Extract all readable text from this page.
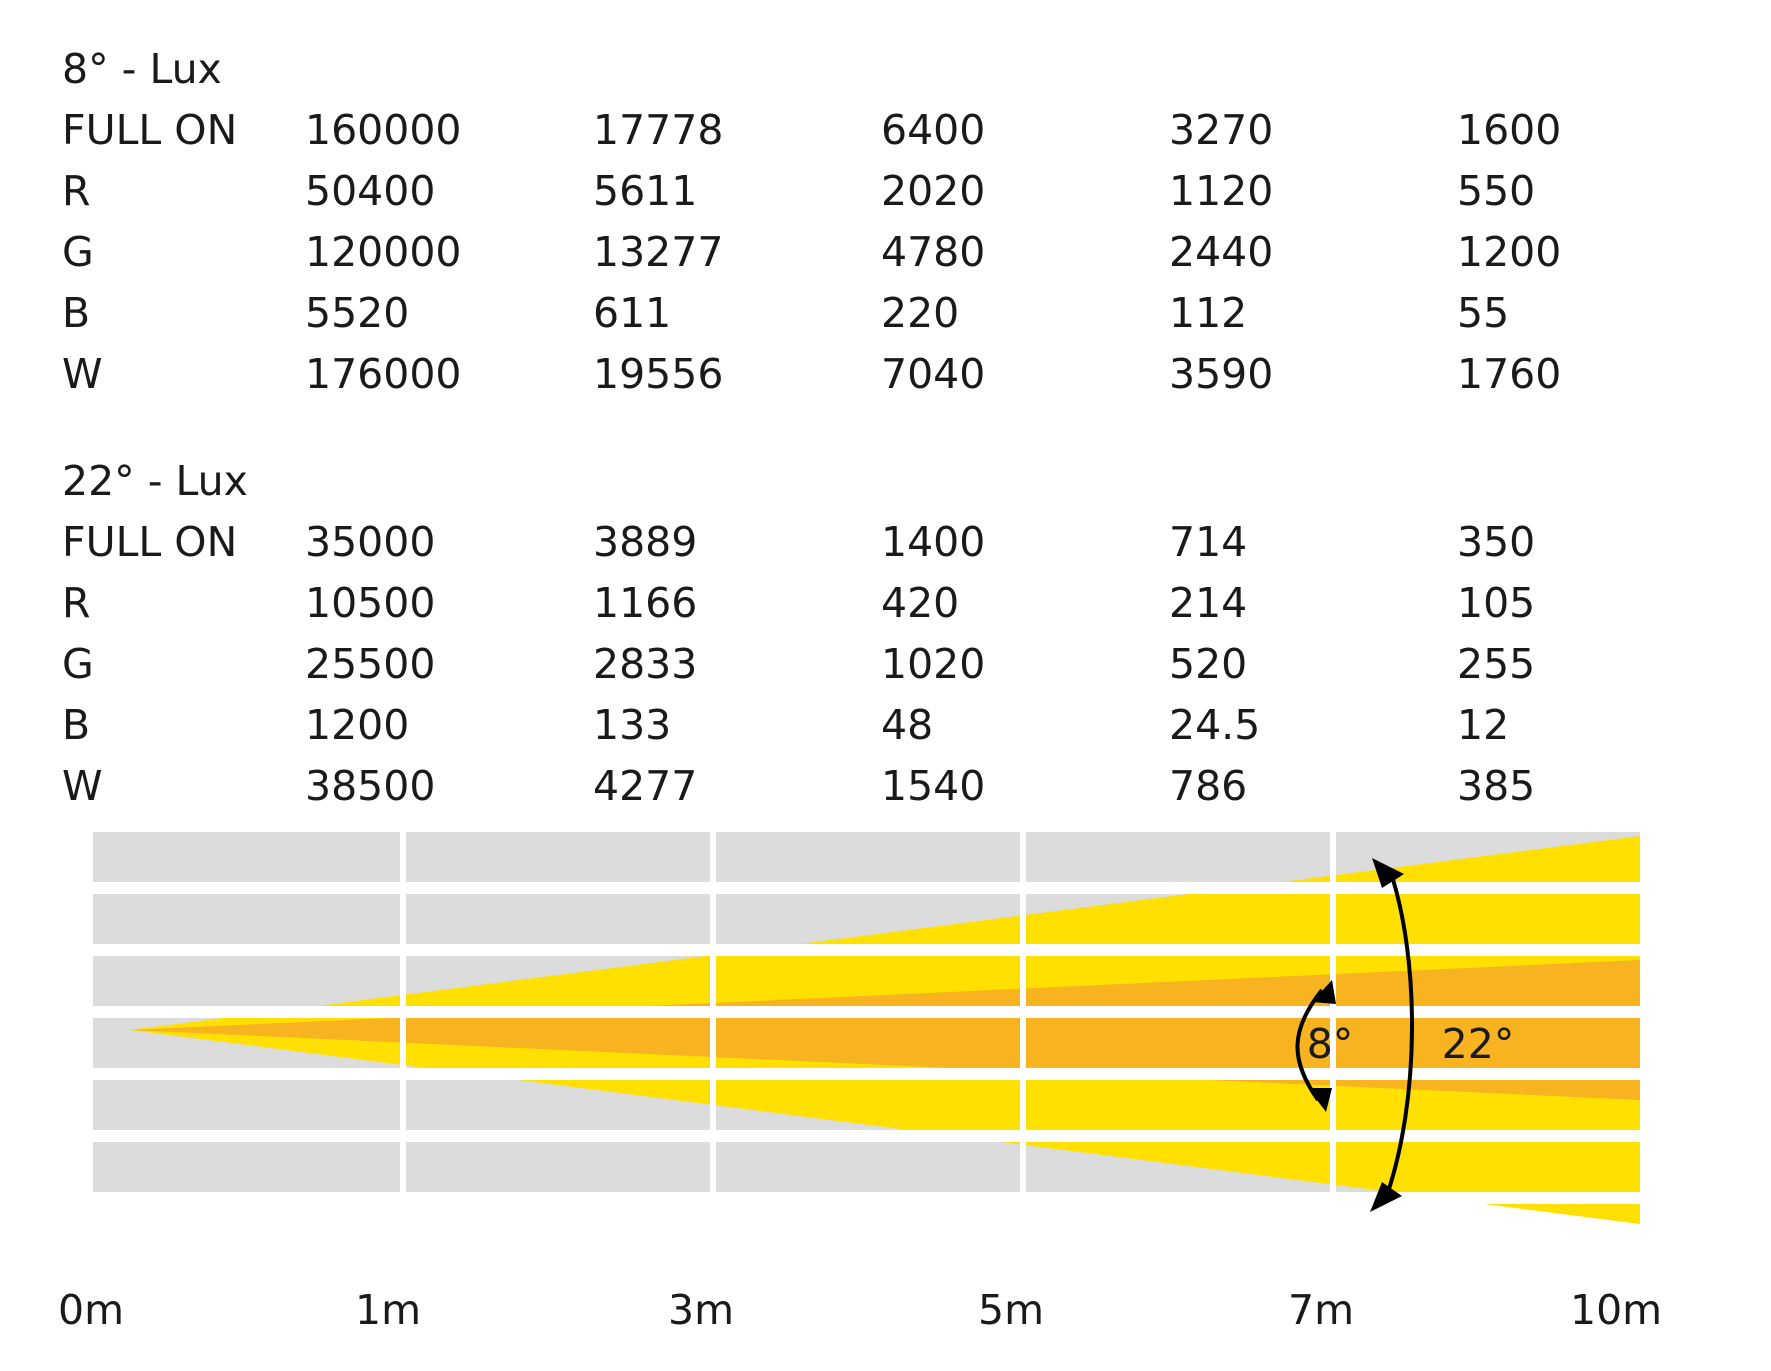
8° - Lux
FULL ON	160000	17778	6400	3270	1600
R	50400	5611	2020	1120	550
G	120000	13277	4780	2440	1200
B	5520	611	220	112	55
W	176000	19556	7040	3590	1760
22° - Lux
FULL ON	35000	3889	1400	714	350
R	10500	1166	420	214	105
G	25500	2833	1020	520	255
B	1200	133	48	24.5	12
W	38500	4277	1540	786	385
8° 22°
0m	1m	3m	5m	7m	10m
